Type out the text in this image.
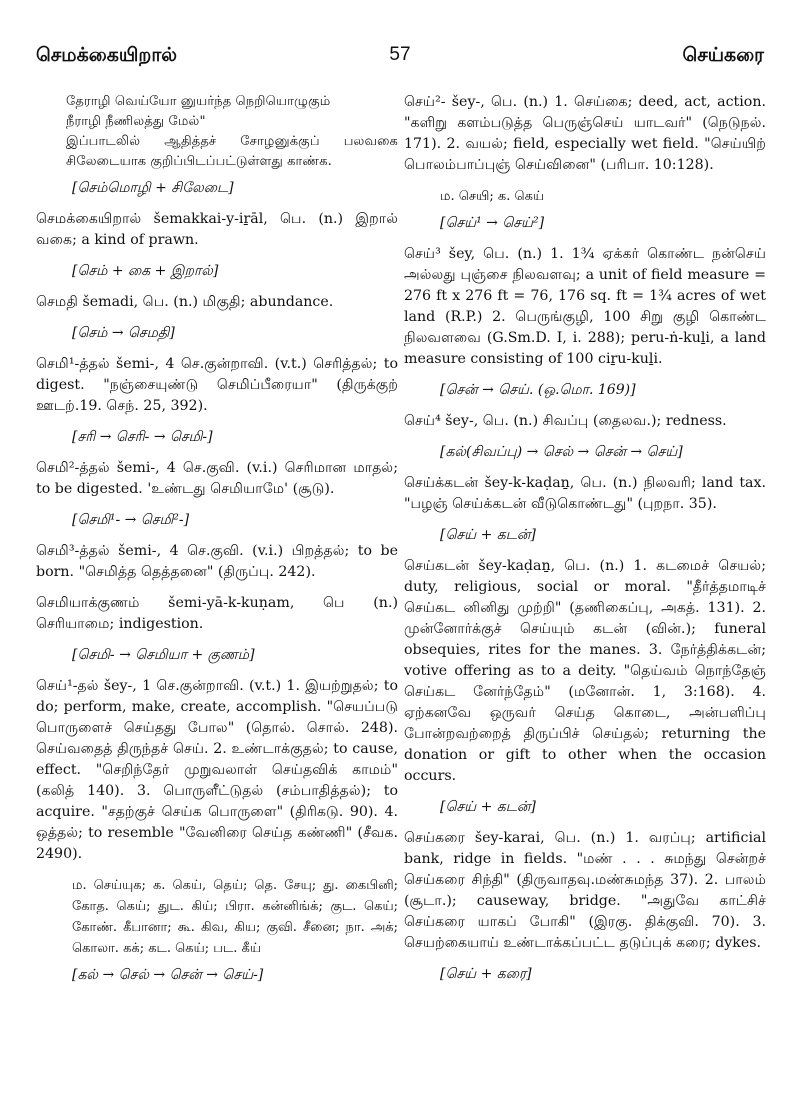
செமக்கையிறால்	57	செய்கரை
தேராழி வெய்யோ னுயர்ந்த நெறியொழுகும்
நீராழி நீணிலத்து மேல்"
இப்பாடலில் ஆதித்தச் சோழனுக்குப் பலவகை சிலேடையாக குறிப்பிடப்பட்டுள்ளது காண்க.
[செம்மொழி + சிலேடை]
செமக்கையிறால் šemakkai-y-iṟāl, பெ. (n.) இறால் வகை; a kind of prawn.
[செம் + கை + இறால்]
செமதி šemadi, பெ. (n.) மிகுதி; abundance.
[செம் → செமதி]
செமி¹-த்தல் šemi-, 4 செ.குன்றாவி. (v.t.) செரித்தல்; to digest. "நஞ்சையுண்டு செமிப்பீரையா" (திருக்குற் ஊடற்.19. செந். 25, 392).
[சரி → செரி- → செமி-]
செமி²-த்தல் šemi-, 4 செ.குவி. (v.i.) செரிமான மாதல்; to be digested. 'உண்டது செமியாமே' (சூடு).
[செமி¹- → செமி²-]
செமி³-த்தல் šemi-, 4 செ.குவி. (v.i.) பிறத்தல்; to be born. "செமித்த தெத்தனை" (திருப்பு. 242).
செமியாக்குணம் šemi-yā-k-kuṇam, பெ (n.) செரியாமை; indigestion.
[செமி- → செமியா + குணம்]
செய்¹-தல் šey-, 1 செ.குன்றாவி. (v.t.) 1. இயற்றுதல்; to do; perform, make, create, accomplish. "செயப்படு பொருளைச் செய்தது போல" (தொல். சொல். 248). செய்வதைத் திருந்தச் செய். 2. உண்டாக்குதல்; to cause, effect. "செறிந்தேர் முறுவலாள் செய்தவிக் காமம்" (கலித் 140). 3. பொருளீட்டுதல் (சம்பாதித்தல்); to acquire. "சதற்குச் செய்க பொருளை" (திரிகடு. 90). 4. ஒத்தல்; to resemble "வேனிரை செய்த கண்ணி" (சீவக. 2490).
ம. செய்யுக; க. கெய், தெய்; தெ. சேயு; து. கைபினி; கோத. கெய்; துட. கிய்; பிரா. கன்னிங்க்; குட. கெய்; கோண். கீபானா; கூ. கிவ, கிய; குவி. சீனை; நா. அக்; கொலா. கக்; கட. கெய்; பட. கீய்
[கல் → செல் → சென் → செய்-]
செய்²- šey-, பெ. (n.) 1. செய்கை; deed, act, action. "களிறு களம்படுத்த பெருஞ்செய் யாடவர்" (நெடுநல். 171). 2. வயல்; field, especially wet field. "செய்யிற் பொலம்பாப்புஞ் செய்வினை" (பரிபா. 10:128).
ம. செயி; க. கெய்
[செய்¹ → செய்²]
செய்³ šey, பெ. (n.) 1. 1¾ ஏக்கர் கொண்ட நன்செய் அல்லது புஞ்சை நிலவளவு; a unit of field measure = 276 ft x 276 ft = 76, 176 sq. ft = 1¾ acres of wet land (R.P.) 2. பெருங்குழி, 100 சிறு குழி கொண்ட நிலவளவை (G.Sm.D. I, i. 288); peru-ṅ-kuḻi, a land measure consisting of 100 ciṟu-kuḻi.
[சென் → செய். (ஒ.மொ. 169)]
செய்⁴ šey-, பெ. (n.) சிவப்பு (தைலவ.); redness.
[கல்(சிவப்பு) → செல் → சென் → செய்]
செய்க்கடன் šey-k-kaḍaṉ, பெ. (n.) நிலவரி; land tax. "பழஞ் செய்க்கடன் வீடுகொண்டது" (புறநா. 35).
[செய் + கடன்]
செய்கடன் šey-kaḍaṉ, பெ. (n.) 1. கடமைச் செயல்; duty, religious, social or moral. "தீர்த்தமாடிச் செய்கட னினிது முற்றி" (தணிகைப்பு, அகத். 131). 2. முன்னோர்க்குச் செய்யும் கடன் (வின்.); funeral obsequies, rites for the manes. 3. நேர்த்திக்கடன்; votive offering as to a deity. "தெய்வம் நொந்தேஞ் செய்கட னேர்ந்தேம்" (மனோன். 1, 3:168). 4. ஏற்கனவே ஒருவர் செய்த கொடை, அன்பளிப்பு போன்றவற்றைத் திருப்பிச் செய்தல்; returning the donation or gift to other when the occasion occurs.
[செய் + கடன்]
செய்கரை šey-karai, பெ. (n.) 1. வரப்பு; artificial bank, ridge in fields. "மண் . . . சுமந்து சென்றச் செய்கரை சிந்தி" (திருவாதவு.மண்சுமந்த 37). 2. பாலம் (சூடா.); causeway, bridge. "அதுவே காட்சிச் செய்கரை யாகப் போகி" (இரகு. திக்குவி. 70). 3. செயற்கையாய் உண்டாக்கப்பட்ட தடுப்புக் கரை; dykes.
[செய் + கரை]
